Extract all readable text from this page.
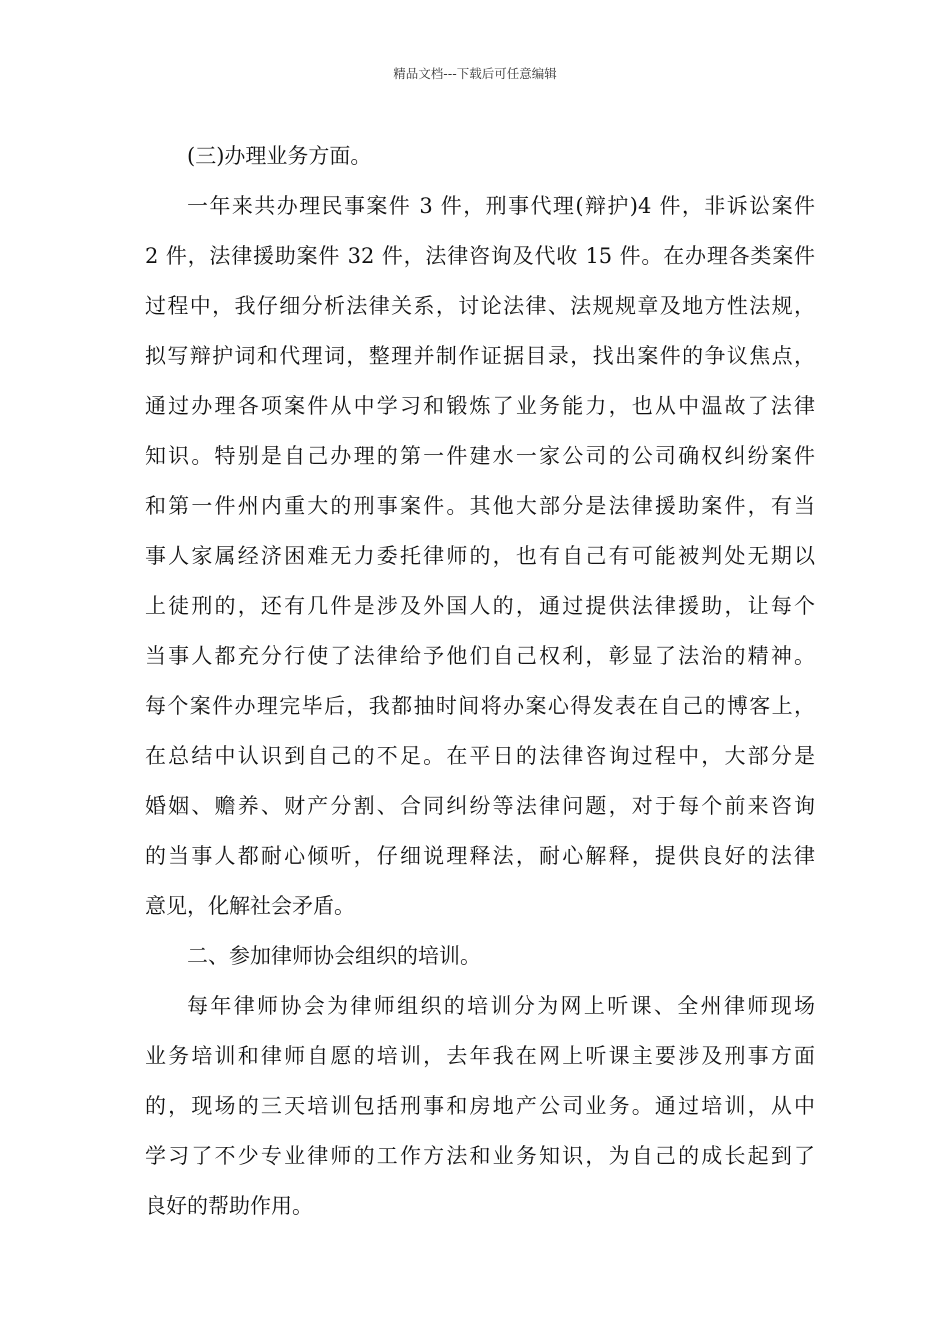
精品文档---下载后可任意编辑
(三)办理业务方面。
一年来共办理民事案件 3 件，刑事代理(辩护)4 件，非诉讼案件
2 件，法律援助案件 32 件，法律咨询及代收 15 件。在办理各类案件
过程中，我仔细分析法律关系，讨论法律、法规规章及地方性法规，
拟写辩护词和代理词，整理并制作证据目录，找出案件的争议焦点，
通过办理各项案件从中学习和锻炼了业务能力，也从中温故了法律
知识。特别是自己办理的第一件建水一家公司的公司确权纠纷案件
和第一件州内重大的刑事案件。其他大部分是法律援助案件，有当
事人家属经济困难无力委托律师的，也有自己有可能被判处无期以
上徒刑的，还有几件是涉及外国人的，通过提供法律援助，让每个
当事人都充分行使了法律给予他们自己权利，彰显了法治的精神。
每个案件办理完毕后，我都抽时间将办案心得发表在自己的博客上，
在总结中认识到自己的不足。在平日的法律咨询过程中，大部分是
婚姻、赡养、财产分割、合同纠纷等法律问题，对于每个前来咨询
的当事人都耐心倾听，仔细说理释法，耐心解释，提供良好的法律
意见，化解社会矛盾。
二、参加律师协会组织的培训。
每年律师协会为律师组织的培训分为网上听课、全州律师现场
业务培训和律师自愿的培训，去年我在网上听课主要涉及刑事方面
的，现场的三天培训包括刑事和房地产公司业务。通过培训，从中
学习了不少专业律师的工作方法和业务知识，为自己的成长起到了
良好的帮助作用。
